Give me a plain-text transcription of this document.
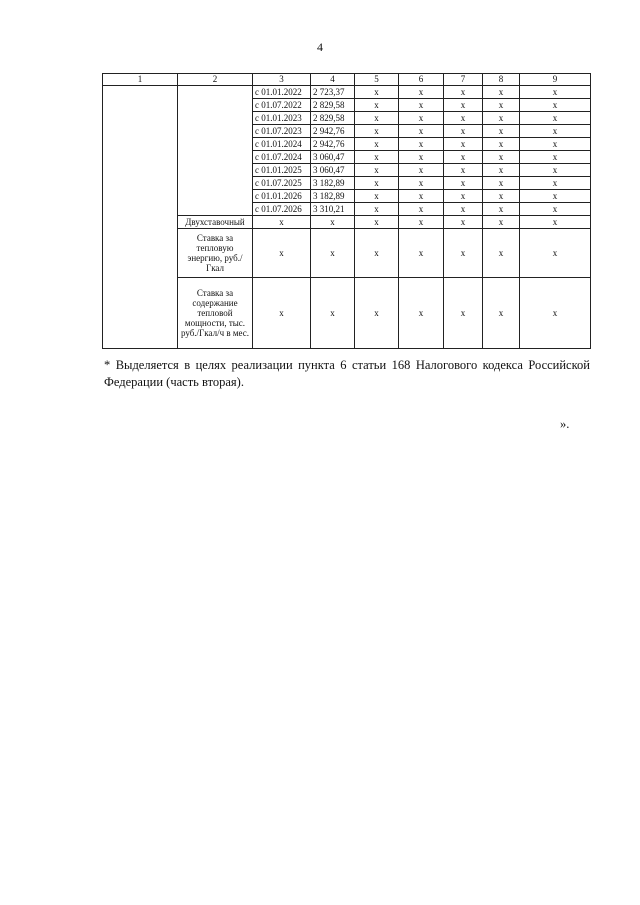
4
1	2	3	4	5	6	7	8	9
		с 01.01.2022	2 723,37	x	x	x	x	x
		с 01.07.2022	2 829,58	x	x	x	x	x
		с 01.01.2023	2 829,58	x	x	x	x	x
		с 01.07.2023	2 942,76	x	x	x	x	x
		с 01.01.2024	2 942,76	x	x	x	x	x
		с 01.07.2024	3 060,47	x	x	x	x	x
		с 01.01.2025	3 060,47	x	x	x	x	x
		с 01.07.2025	3 182,89	x	x	x	x	x
		с 01.01.2026	3 182,89	x	x	x	x	x
		с 01.07.2026	3 310,21	x	x	x	x	x
	Двухставочный	x	x	x	x	x	x	x
	Ставка за тепловую энергию, руб./Гкал	x	x	x	x	x	x	x
	Ставка за содержание тепловой мощности, тыс. руб./Гкал/ч в мес.	x	x	x	x	x	x	x
* Выделяется в целях реализации пункта 6 статьи 168 Налогового кодекса Российской Федерации (часть вторая).
».
